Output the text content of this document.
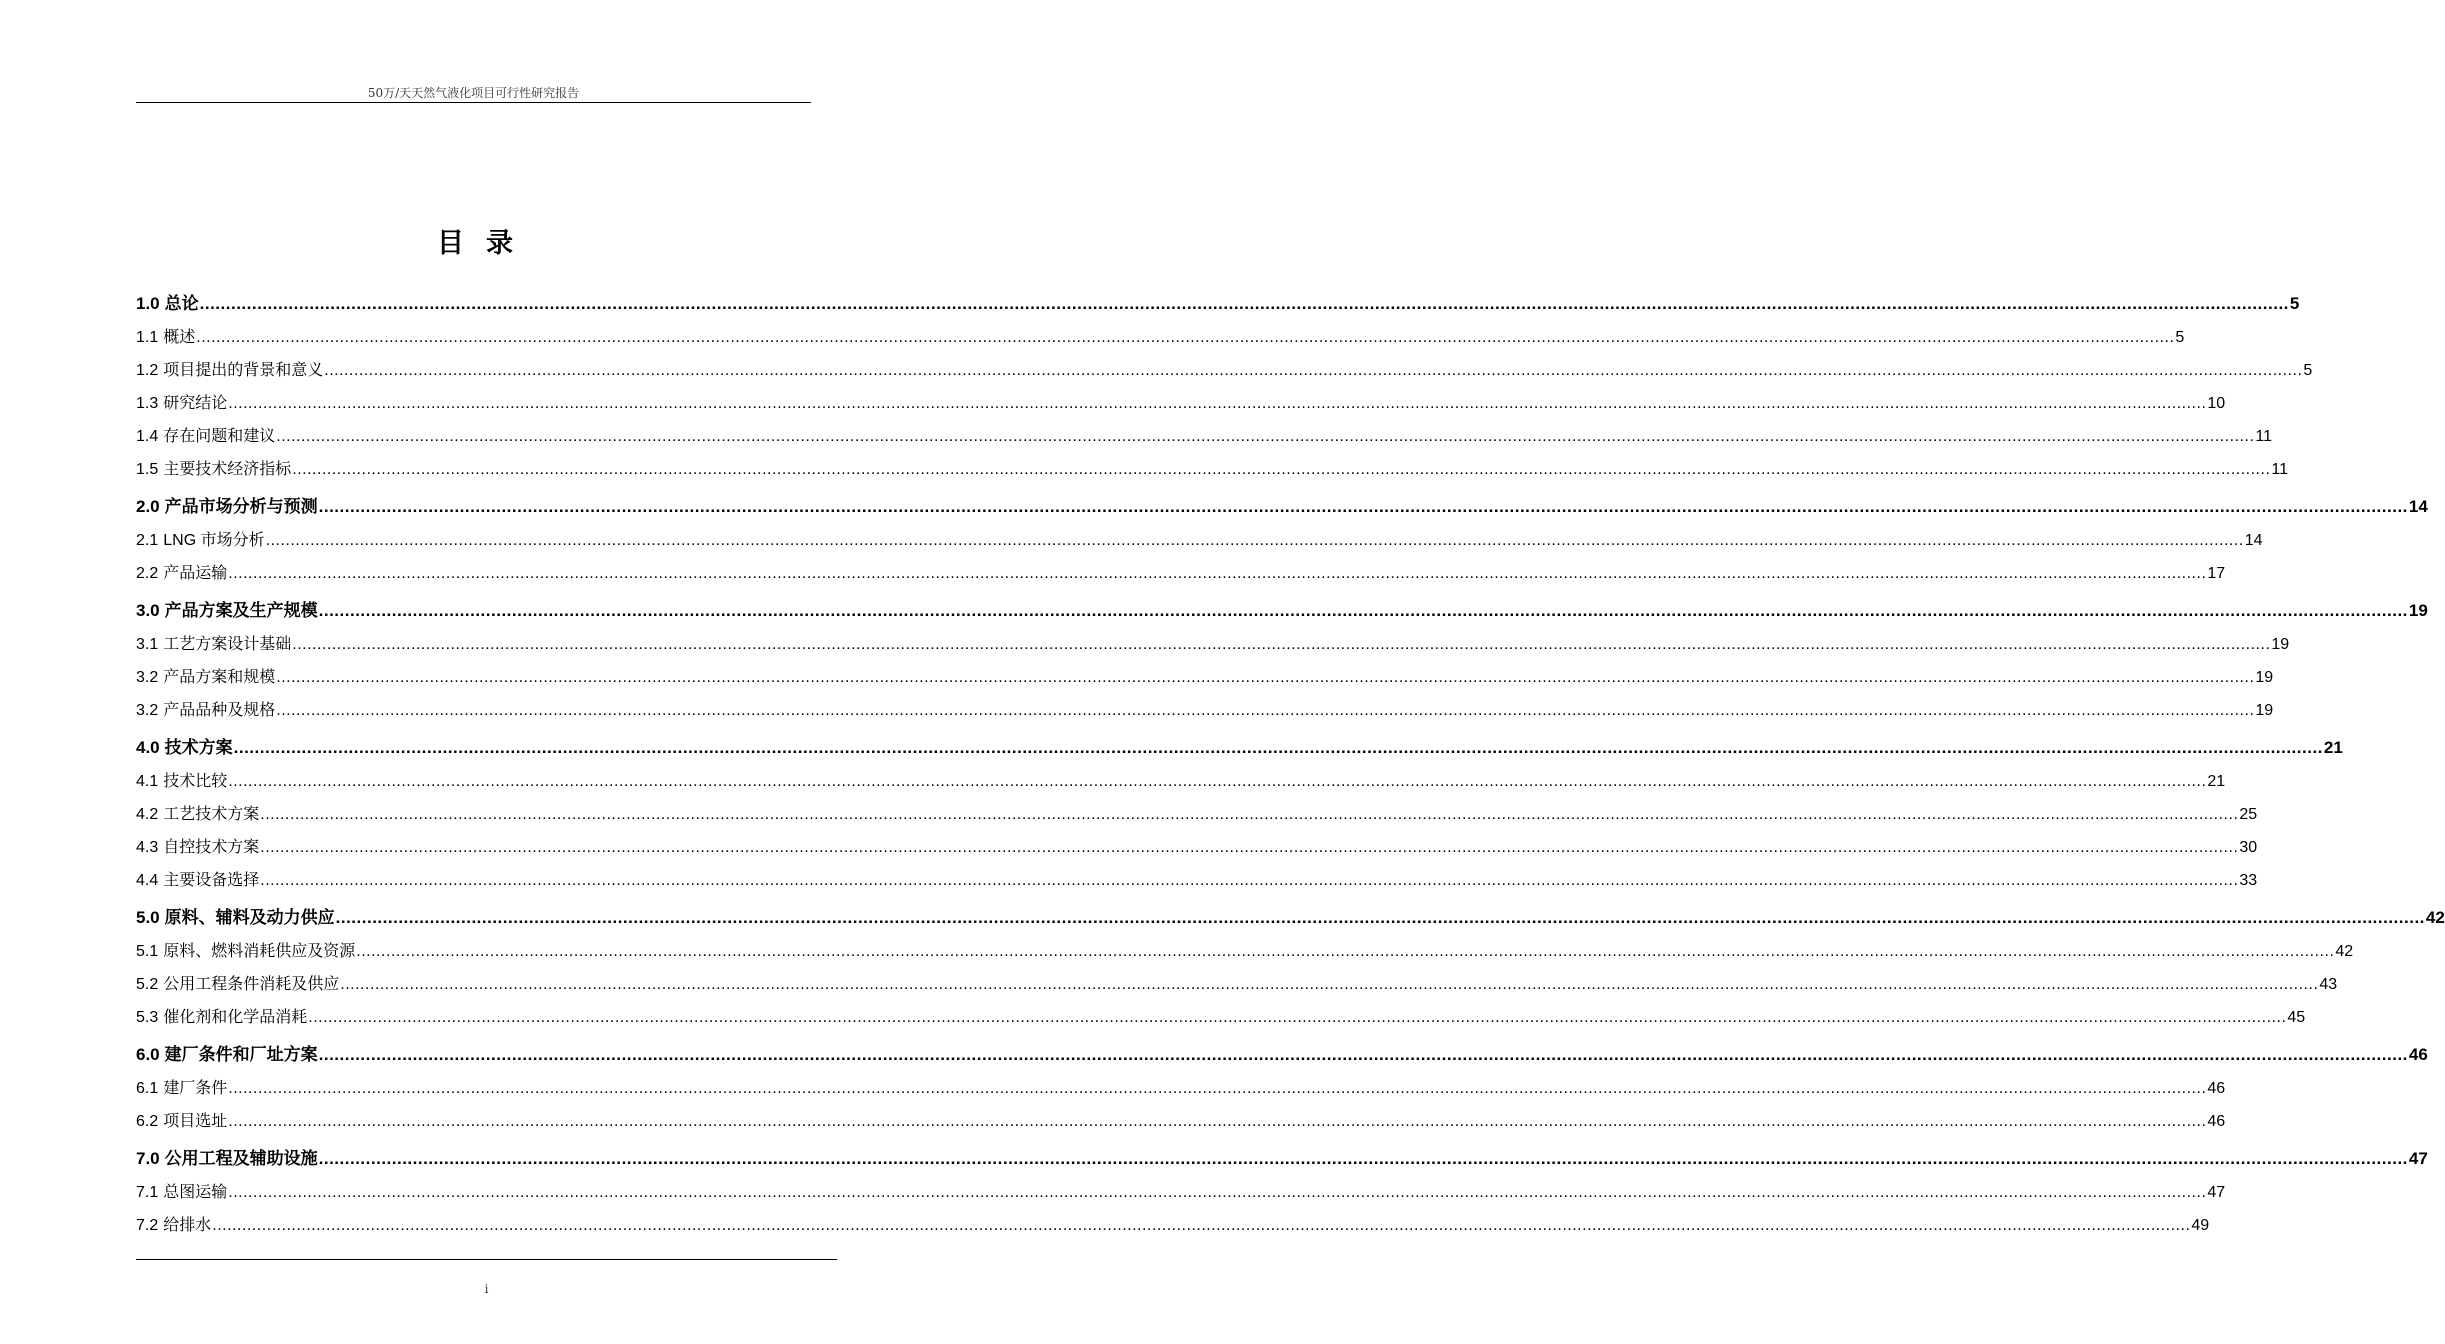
50万/天天然气液化项目可行性研究报告
目录
1.0 总论 ................................................................................................................................................................................................................................................................................................................................................................................................................ 5
1.1 概述 ................................................................................................................................................................................................................................................................................................................................................................................................................ 5
1.2 项目提出的背景和意义 ................................................................................................................................................................................................................................................................................................................................................................................................................ 5
1.3 研究结论 ................................................................................................................................................................................................................................................................................................................................................................................................................ 10
1.4 存在问题和建议 ................................................................................................................................................................................................................................................................................................................................................................................................................ 11
1.5 主要技术经济指标 ................................................................................................................................................................................................................................................................................................................................................................................................................ 11
2.0 产品市场分析与预测 ................................................................................................................................................................................................................................................................................................................................................................................................................ 14
2.1 LNG 市场分析 ................................................................................................................................................................................................................................................................................................................................................................................................................ 14
2.2 产品运输 ................................................................................................................................................................................................................................................................................................................................................................................................................ 17
3.0 产品方案及生产规模 ................................................................................................................................................................................................................................................................................................................................................................................................................ 19
3.1 工艺方案设计基础 ................................................................................................................................................................................................................................................................................................................................................................................................................ 19
3.2 产品方案和规模 ................................................................................................................................................................................................................................................................................................................................................................................................................ 19
3.2 产品品种及规格 ................................................................................................................................................................................................................................................................................................................................................................................................................ 19
4.0 技术方案 ................................................................................................................................................................................................................................................................................................................................................................................................................ 21
4.1 技术比较 ................................................................................................................................................................................................................................................................................................................................................................................................................ 21
4.2 工艺技术方案 ................................................................................................................................................................................................................................................................................................................................................................................................................ 25
4.3 自控技术方案 ................................................................................................................................................................................................................................................................................................................................................................................................................ 30
4.4 主要设备选择 ................................................................................................................................................................................................................................................................................................................................................................................................................ 33
5.0 原料、辅料及动力供应 ................................................................................................................................................................................................................................................................................................................................................................................................................ 42
5.1 原料、燃料消耗供应及资源 ................................................................................................................................................................................................................................................................................................................................................................................................................ 42
5.2 公用工程条件消耗及供应 ................................................................................................................................................................................................................................................................................................................................................................................................................ 43
5.3 催化剂和化学品消耗 ................................................................................................................................................................................................................................................................................................................................................................................................................ 45
6.0 建厂条件和厂址方案 ................................................................................................................................................................................................................................................................................................................................................................................................................ 46
6.1 建厂条件 ................................................................................................................................................................................................................................................................................................................................................................................................................ 46
6.2 项目选址 ................................................................................................................................................................................................................................................................................................................................................................................................................ 46
7.0 公用工程及辅助设施 ................................................................................................................................................................................................................................................................................................................................................................................................................ 47
7.1 总图运输 ................................................................................................................................................................................................................................................................................................................................................................................................................ 47
7.2 给排水 ................................................................................................................................................................................................................................................................................................................................................................................................................ 49
i
